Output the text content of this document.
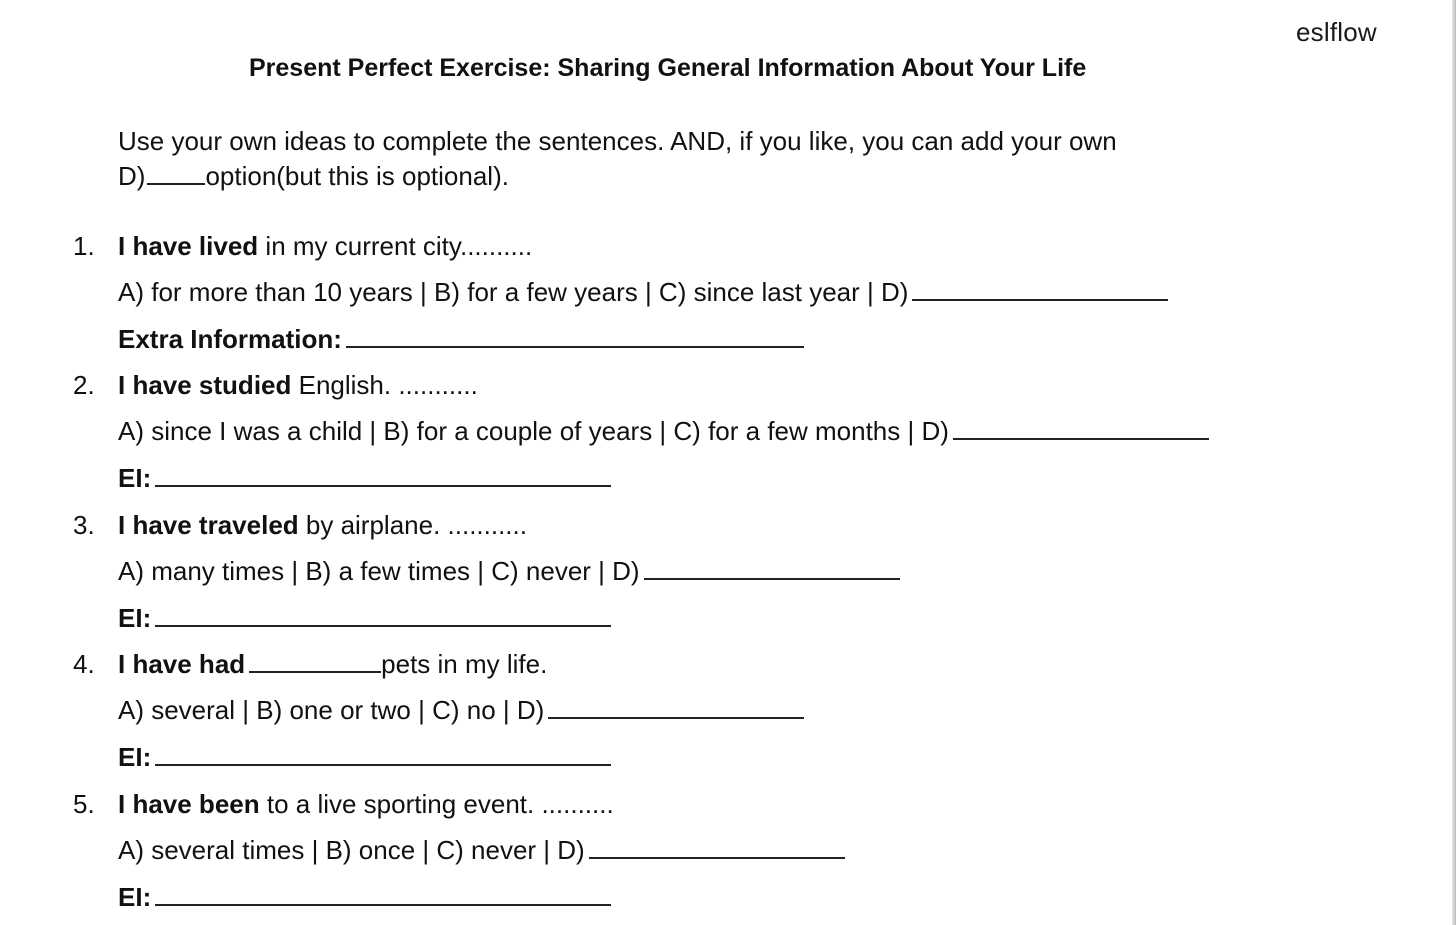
eslflow
Present Perfect Exercise: Sharing General Information About Your Life
Use your own ideas to complete the sentences. AND, if you like, you can add your own
D) option(but this is optional).
1. I have lived in my current city..........
A) for more than 10 years | B) for a few years | C) since last year | D)
Extra Information:
2. I have studied English. ...........
A) since I was a child | B) for a couple of years | C) for a few months | D)
EI:
3. I have traveled by airplane. ...........
A) many times | B) a few times | C) never | D)
EI:
4. I have had	pets in my life.
A) several | B) one or two | C) no | D)
EI:
5. I have been to a live sporting event. ..........
A) several times | B) once | C) never | D)
EI:
